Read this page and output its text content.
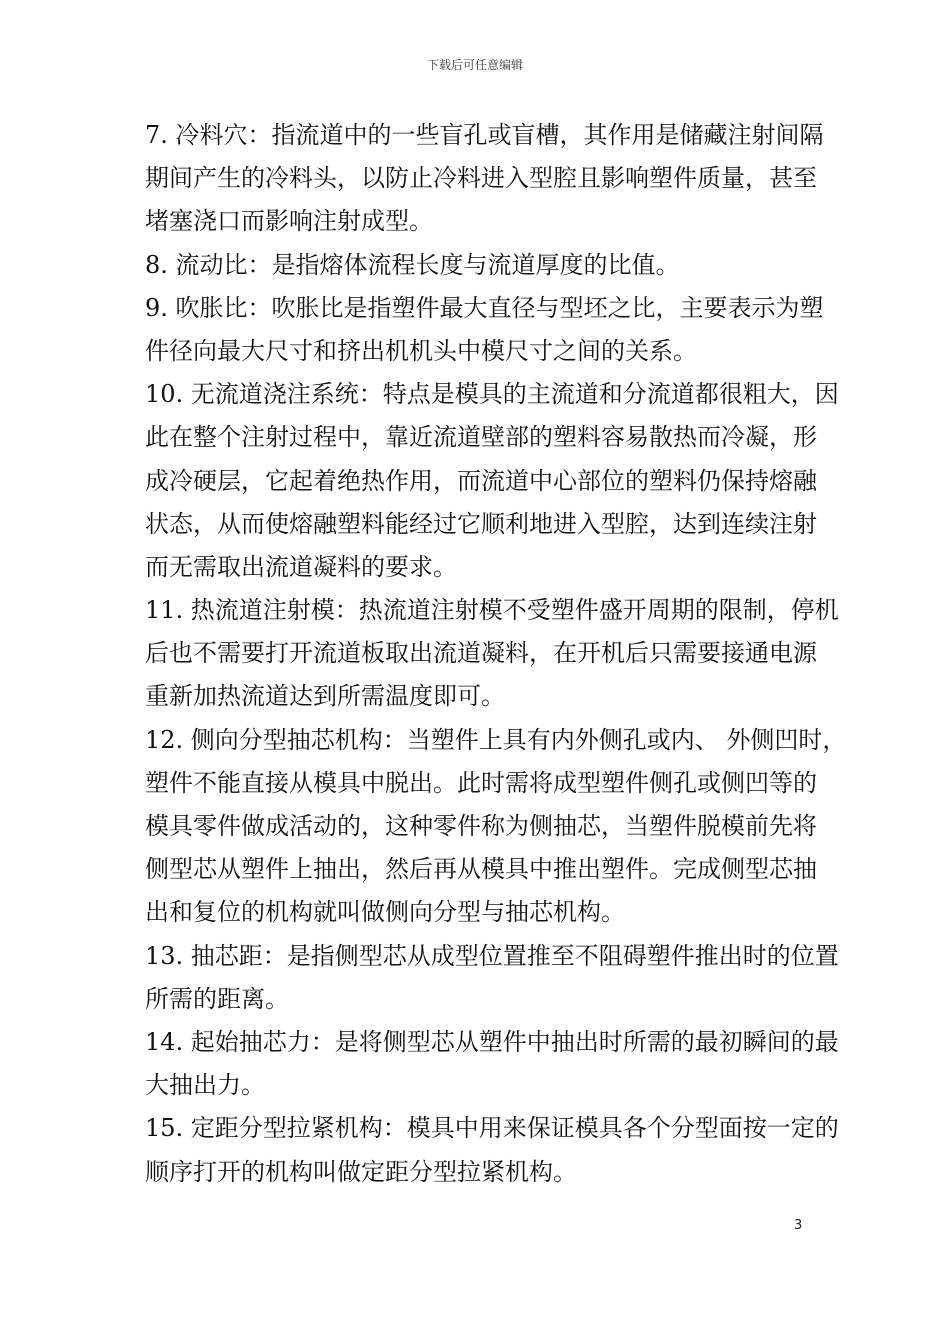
下载后可任意编辑
7. 冷料穴：指流道中的一些盲孔或盲槽，其作用是储藏注射间隔
期间产生的冷料头，以防止冷料进入型腔且影响塑件质量，甚至
堵塞浇口而影响注射成型。
8. 流动比：是指熔体流程长度与流道厚度的比值。
9. 吹胀比：吹胀比是指塑件最大直径与型坯之比，主要表示为塑
件径向最大尺寸和挤出机机头中模尺寸之间的关系。
10. 无流道浇注系统：特点是模具的主流道和分流道都很粗大，因
此在整个注射过程中，靠近流道壁部的塑料容易散热而冷凝，形
成冷硬层，它起着绝热作用，而流道中心部位的塑料仍保持熔融
状态，从而使熔融塑料能经过它顺利地进入型腔，达到连续注射
而无需取出流道凝料的要求。
11. 热流道注射模：热流道注射模不受塑件盛开周期的限制，停机
后也不需要打开流道板取出流道凝料，在开机后只需要接通电源
重新加热流道达到所需温度即可。
12. 侧向分型抽芯机构：当塑件上具有内外侧孔或内、 外侧凹时，
塑件不能直接从模具中脱出。此时需将成型塑件侧孔或侧凹等的
模具零件做成活动的，这种零件称为侧抽芯，当塑件脱模前先将
侧型芯从塑件上抽出，然后再从模具中推出塑件。完成侧型芯抽
出和复位的机构就叫做侧向分型与抽芯机构。
13. 抽芯距：是指侧型芯从成型位置推至不阻碍塑件推出时的位置
所需的距离。
14. 起始抽芯力：是将侧型芯从塑件中抽出时所需的最初瞬间的最
大抽出力。
15. 定距分型拉紧机构：模具中用来保证模具各个分型面按一定的
顺序打开的机构叫做定距分型拉紧机构。
3
